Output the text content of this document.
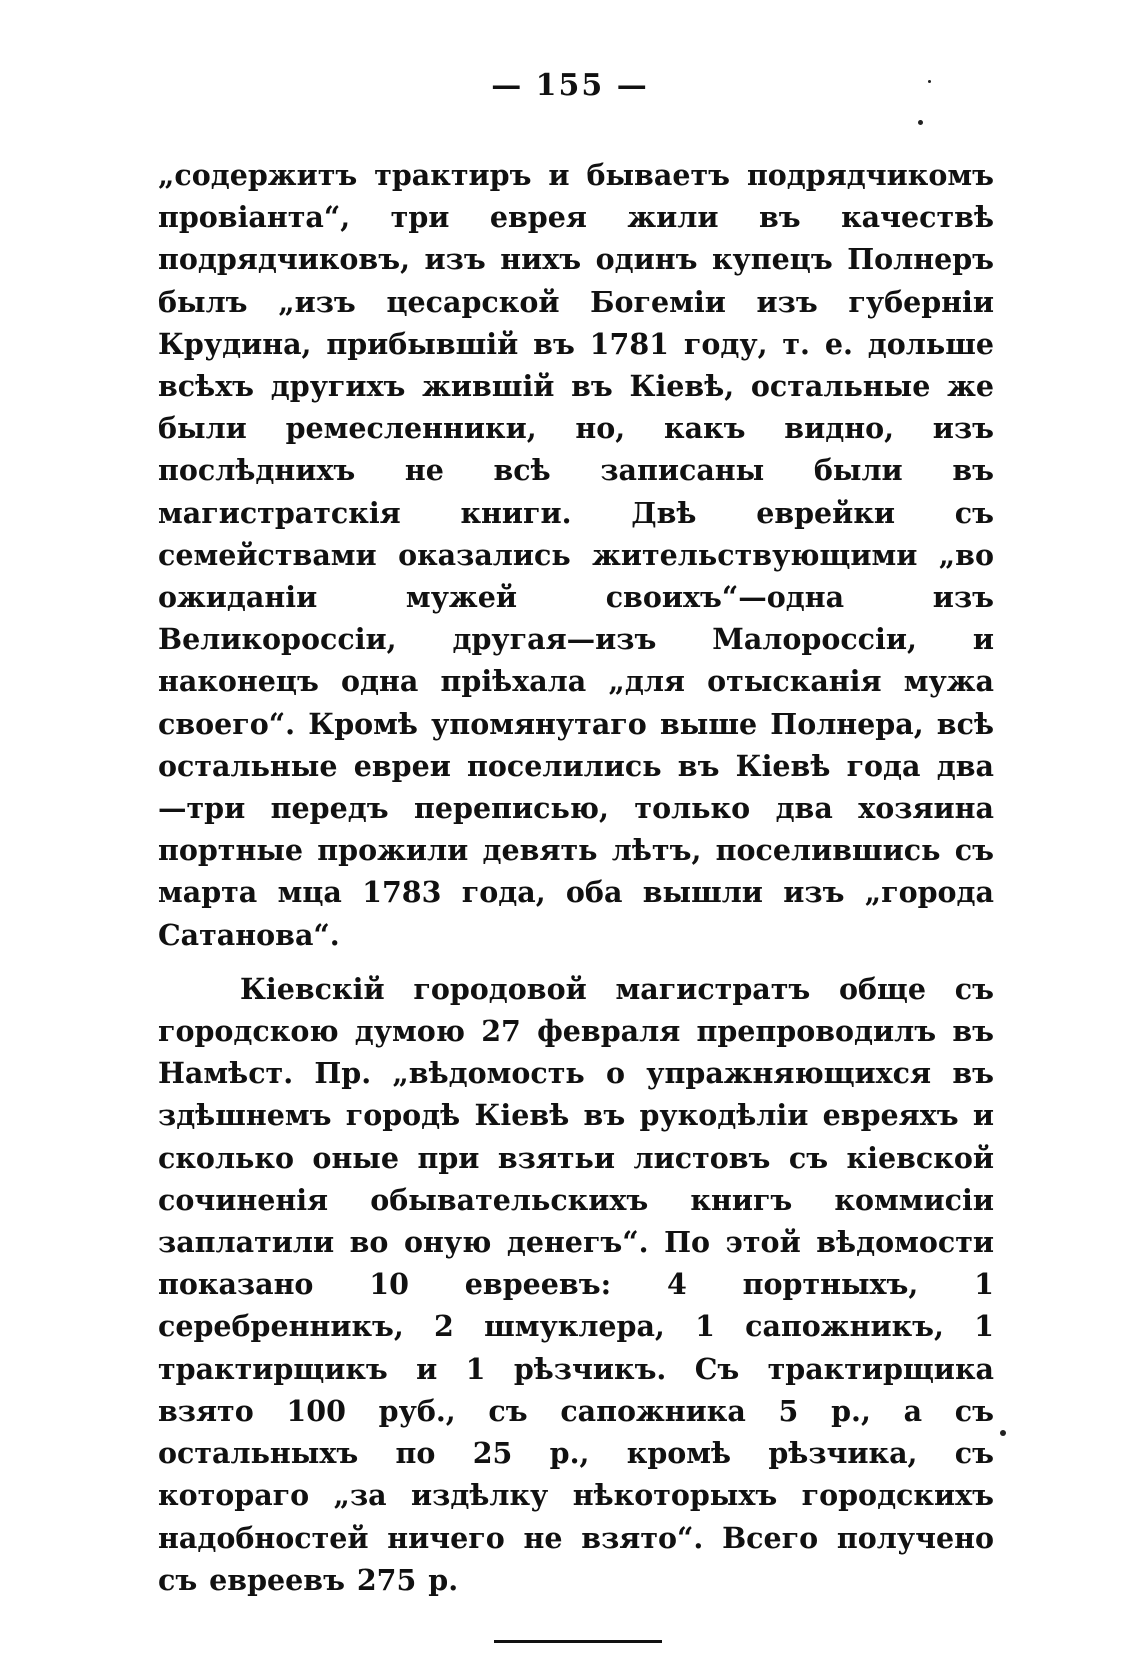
— 155 —

„содержитъ трактиръ и бываетъ подрядчикомъ провіанта“, три еврея жили въ качествѣ подрядчиковъ, изъ нихъ одинъ купецъ Полнеръ былъ „изъ цесарской Богеміи изъ губерніи Крудина, прибывшій въ 1781 году, т. е. дольше всѣхъ другихъ жившій въ Кіевѣ, остальные же были ремесленники, но, какъ видно, изъ послѣднихъ не всѣ записаны были въ магистратскія книги. Двѣ еврейки съ семействами оказались жительствующими „во ожиданіи мужей своихъ“—одна изъ Великороссіи, другая—изъ Малороссіи, и наконецъ одна пріѣхала „для отысканія мужа своего“. Кромѣ упомянутаго выше Полнера, всѣ остальные евреи поселились въ Кіевѣ года два—три передъ переписью, только два хозяина портные прожили девять лѣтъ, поселившись съ марта мца 1783 года, оба вышли изъ „города Сатанова“.

Кіевскій городовой магистратъ обще съ городскою думою 27 февраля препроводилъ въ Намѣст. Пр. „вѣдомость о упражняющихся въ здѣшнемъ городѣ Кіевѣ въ рукодѣліи евреяхъ и сколько оные при взятьи листовъ съ кіевской сочиненія обывательскихъ книгъ коммисіи заплатили во оную денегъ“. По этой вѣдомости показано 10 евреевъ: 4 портныхъ, 1 серебренникъ, 2 шмуклера, 1 сапожникъ, 1 трактирщикъ и 1 рѣзчикъ. Съ трактирщика взято 100 руб., съ сапожника 5 р., а съ остальныхъ по 25 р., кромѣ рѣзчика, съ котораго „за издѣлку нѣкоторыхъ городскихъ надобностей ничего не взято“. Всего получено съ евреевъ 275 р.
